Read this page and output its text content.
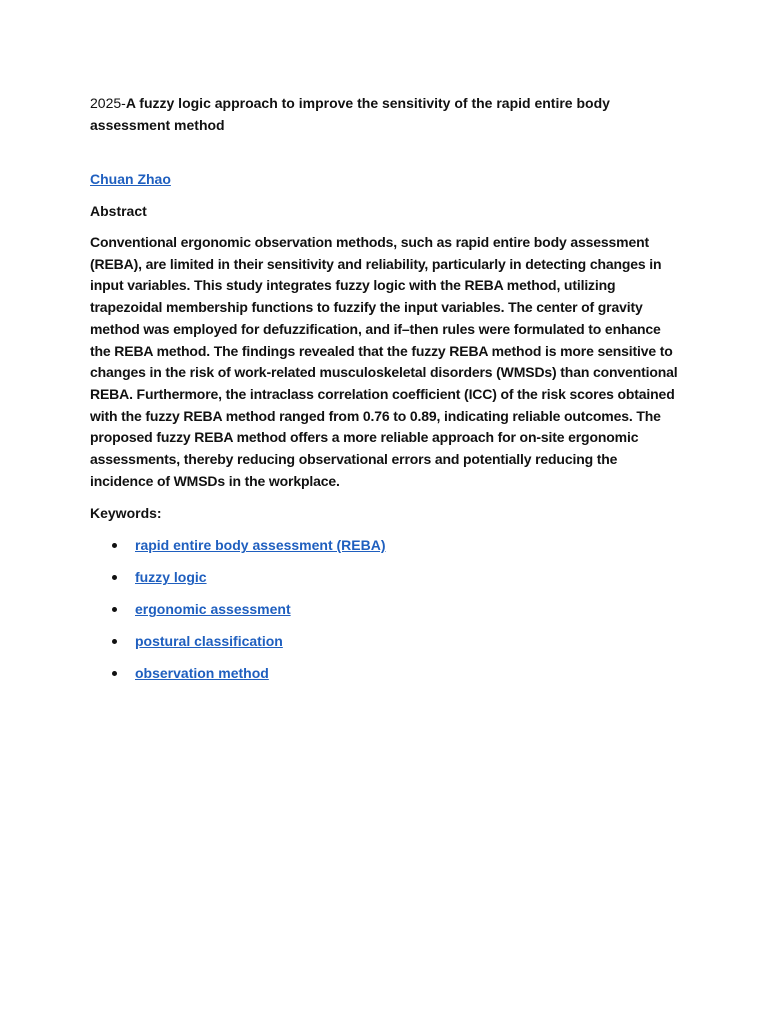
2025-A fuzzy logic approach to improve the sensitivity of the rapid entire body assessment method

Chuan Zhao
Abstract
Conventional ergonomic observation methods, such as rapid entire body assessment (REBA), are limited in their sensitivity and reliability, particularly in detecting changes in input variables. This study integrates fuzzy logic with the REBA method, utilizing trapezoidal membership functions to fuzzify the input variables. The center of gravity method was employed for defuzzification, and if–then rules were formulated to enhance the REBA method. The findings revealed that the fuzzy REBA method is more sensitive to changes in the risk of work-related musculoskeletal disorders (WMSDs) than conventional REBA. Furthermore, the intraclass correlation coefficient (ICC) of the risk scores obtained with the fuzzy REBA method ranged from 0.76 to 0.89, indicating reliable outcomes. The proposed fuzzy REBA method offers a more reliable approach for on-site ergonomic assessments, thereby reducing observational errors and potentially reducing the incidence of WMSDs in the workplace.
Keywords:
rapid entire body assessment (REBA)
fuzzy logic
ergonomic assessment
postural classification
observation method
